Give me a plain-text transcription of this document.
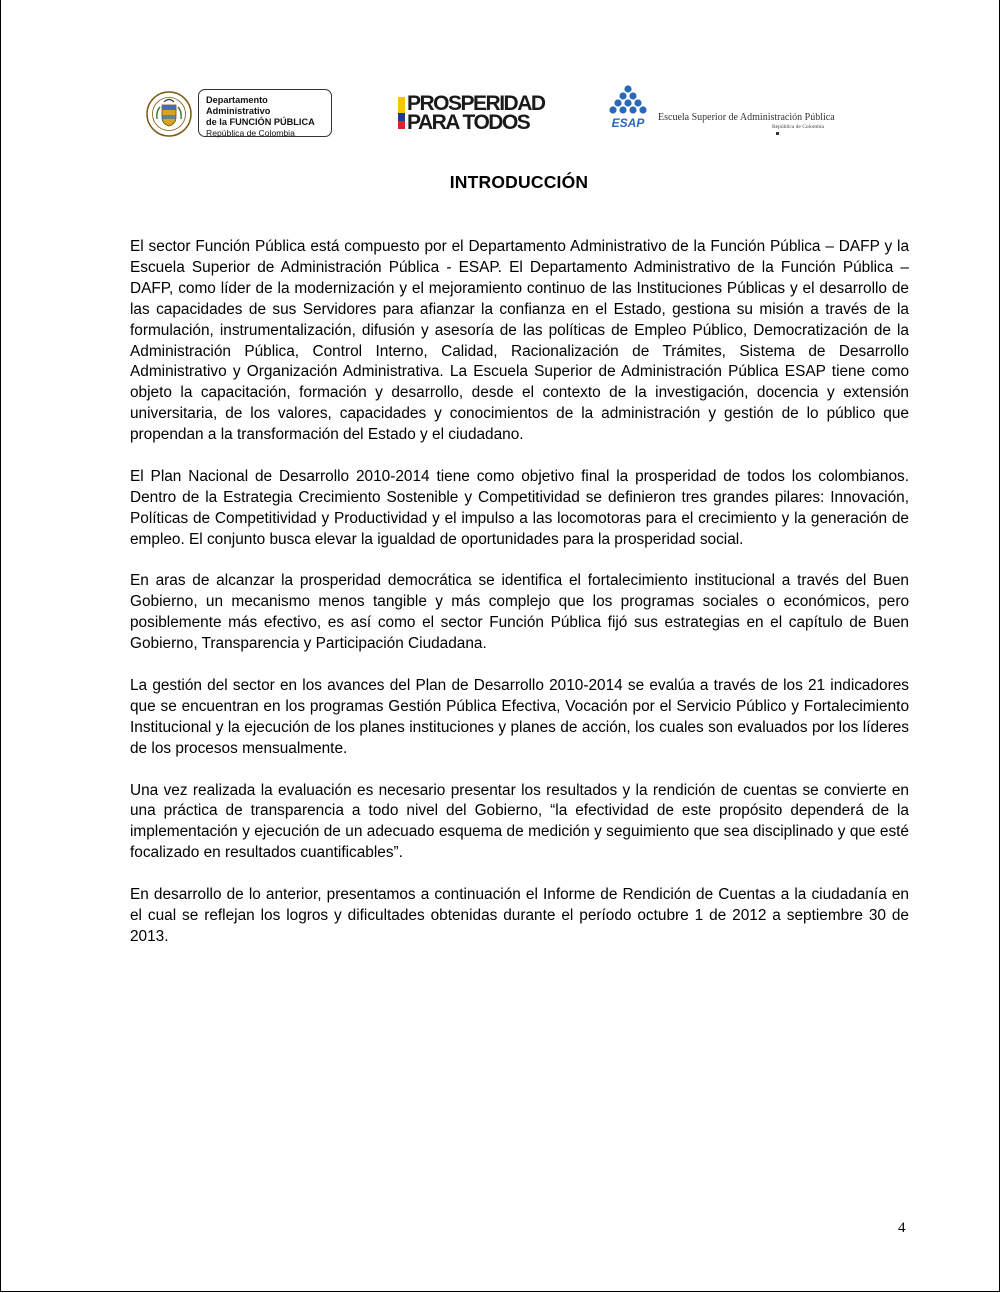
Departamento Administrativo
de la FUNCIÓN PÚBLICA
República de Colombia
PROSPERIDAD
PARA TODOS	ESAP Escuela Superior de Administración Pública
República de Colombia
INTRODUCCIÓN

El sector Función Pública está compuesto por el Departamento Administrativo de la Función Pública – DAFP y la Escuela Superior de Administración Pública - ESAP. El Departamento Administrativo de la Función Pública – DAFP, como líder de la modernización y el mejoramiento continuo de las Instituciones Públicas y el desarrollo de las capacidades de sus Servidores para afianzar la confianza en el Estado, gestiona su misión a través de la formulación, instrumentalización, difusión y asesoría de las políticas de Empleo Público, Democratización de la Administración Pública, Control Interno, Calidad, Racionalización de Trámites, Sistema de Desarrollo Administrativo y Organización Administrativa. La Escuela Superior de Administración Pública ESAP tiene como objeto la capacitación, formación y desarrollo, desde el contexto de la investigación, docencia y extensión universitaria, de los valores, capacidades y conocimientos de la administración y gestión de lo público que propendan a la transformación del Estado y el ciudadano.

El Plan Nacional de Desarrollo 2010-2014 tiene como objetivo final la prosperidad de todos los colombianos. Dentro de la Estrategia Crecimiento Sostenible y Competitividad se definieron tres grandes pilares: Innovación, Políticas de Competitividad y Productividad y el impulso a las locomotoras para el crecimiento y la generación de empleo. El conjunto busca elevar la igualdad de oportunidades para la prosperidad social.

En aras de alcanzar la prosperidad democrática se identifica el fortalecimiento institucional a través del Buen Gobierno, un mecanismo menos tangible y más complejo que los programas sociales o económicos, pero posiblemente más efectivo, es así como el sector Función Pública fijó sus estrategias en el capítulo de Buen Gobierno, Transparencia y Participación Ciudadana.

La gestión del sector en los avances del Plan de Desarrollo 2010-2014 se evalúa a través de los 21 indicadores que se encuentran en los programas Gestión Pública Efectiva, Vocación por el Servicio Público y Fortalecimiento Institucional y la ejecución de los planes instituciones y planes de acción, los cuales son evaluados por los líderes de los procesos mensualmente.

Una vez realizada la evaluación es necesario presentar los resultados y la rendición de cuentas se convierte en una práctica de transparencia a todo nivel del Gobierno, “la efectividad de este propósito dependerá de la implementación y ejecución de un adecuado esquema de medición y seguimiento que sea disciplinado y que esté focalizado en resultados cuantificables”.

En desarrollo de lo anterior, presentamos a continuación el Informe de Rendición de Cuentas a la ciudadanía en el cual se reflejan los logros y dificultades obtenidas durante el período octubre 1 de 2012 a septiembre 30 de 2013.

4
